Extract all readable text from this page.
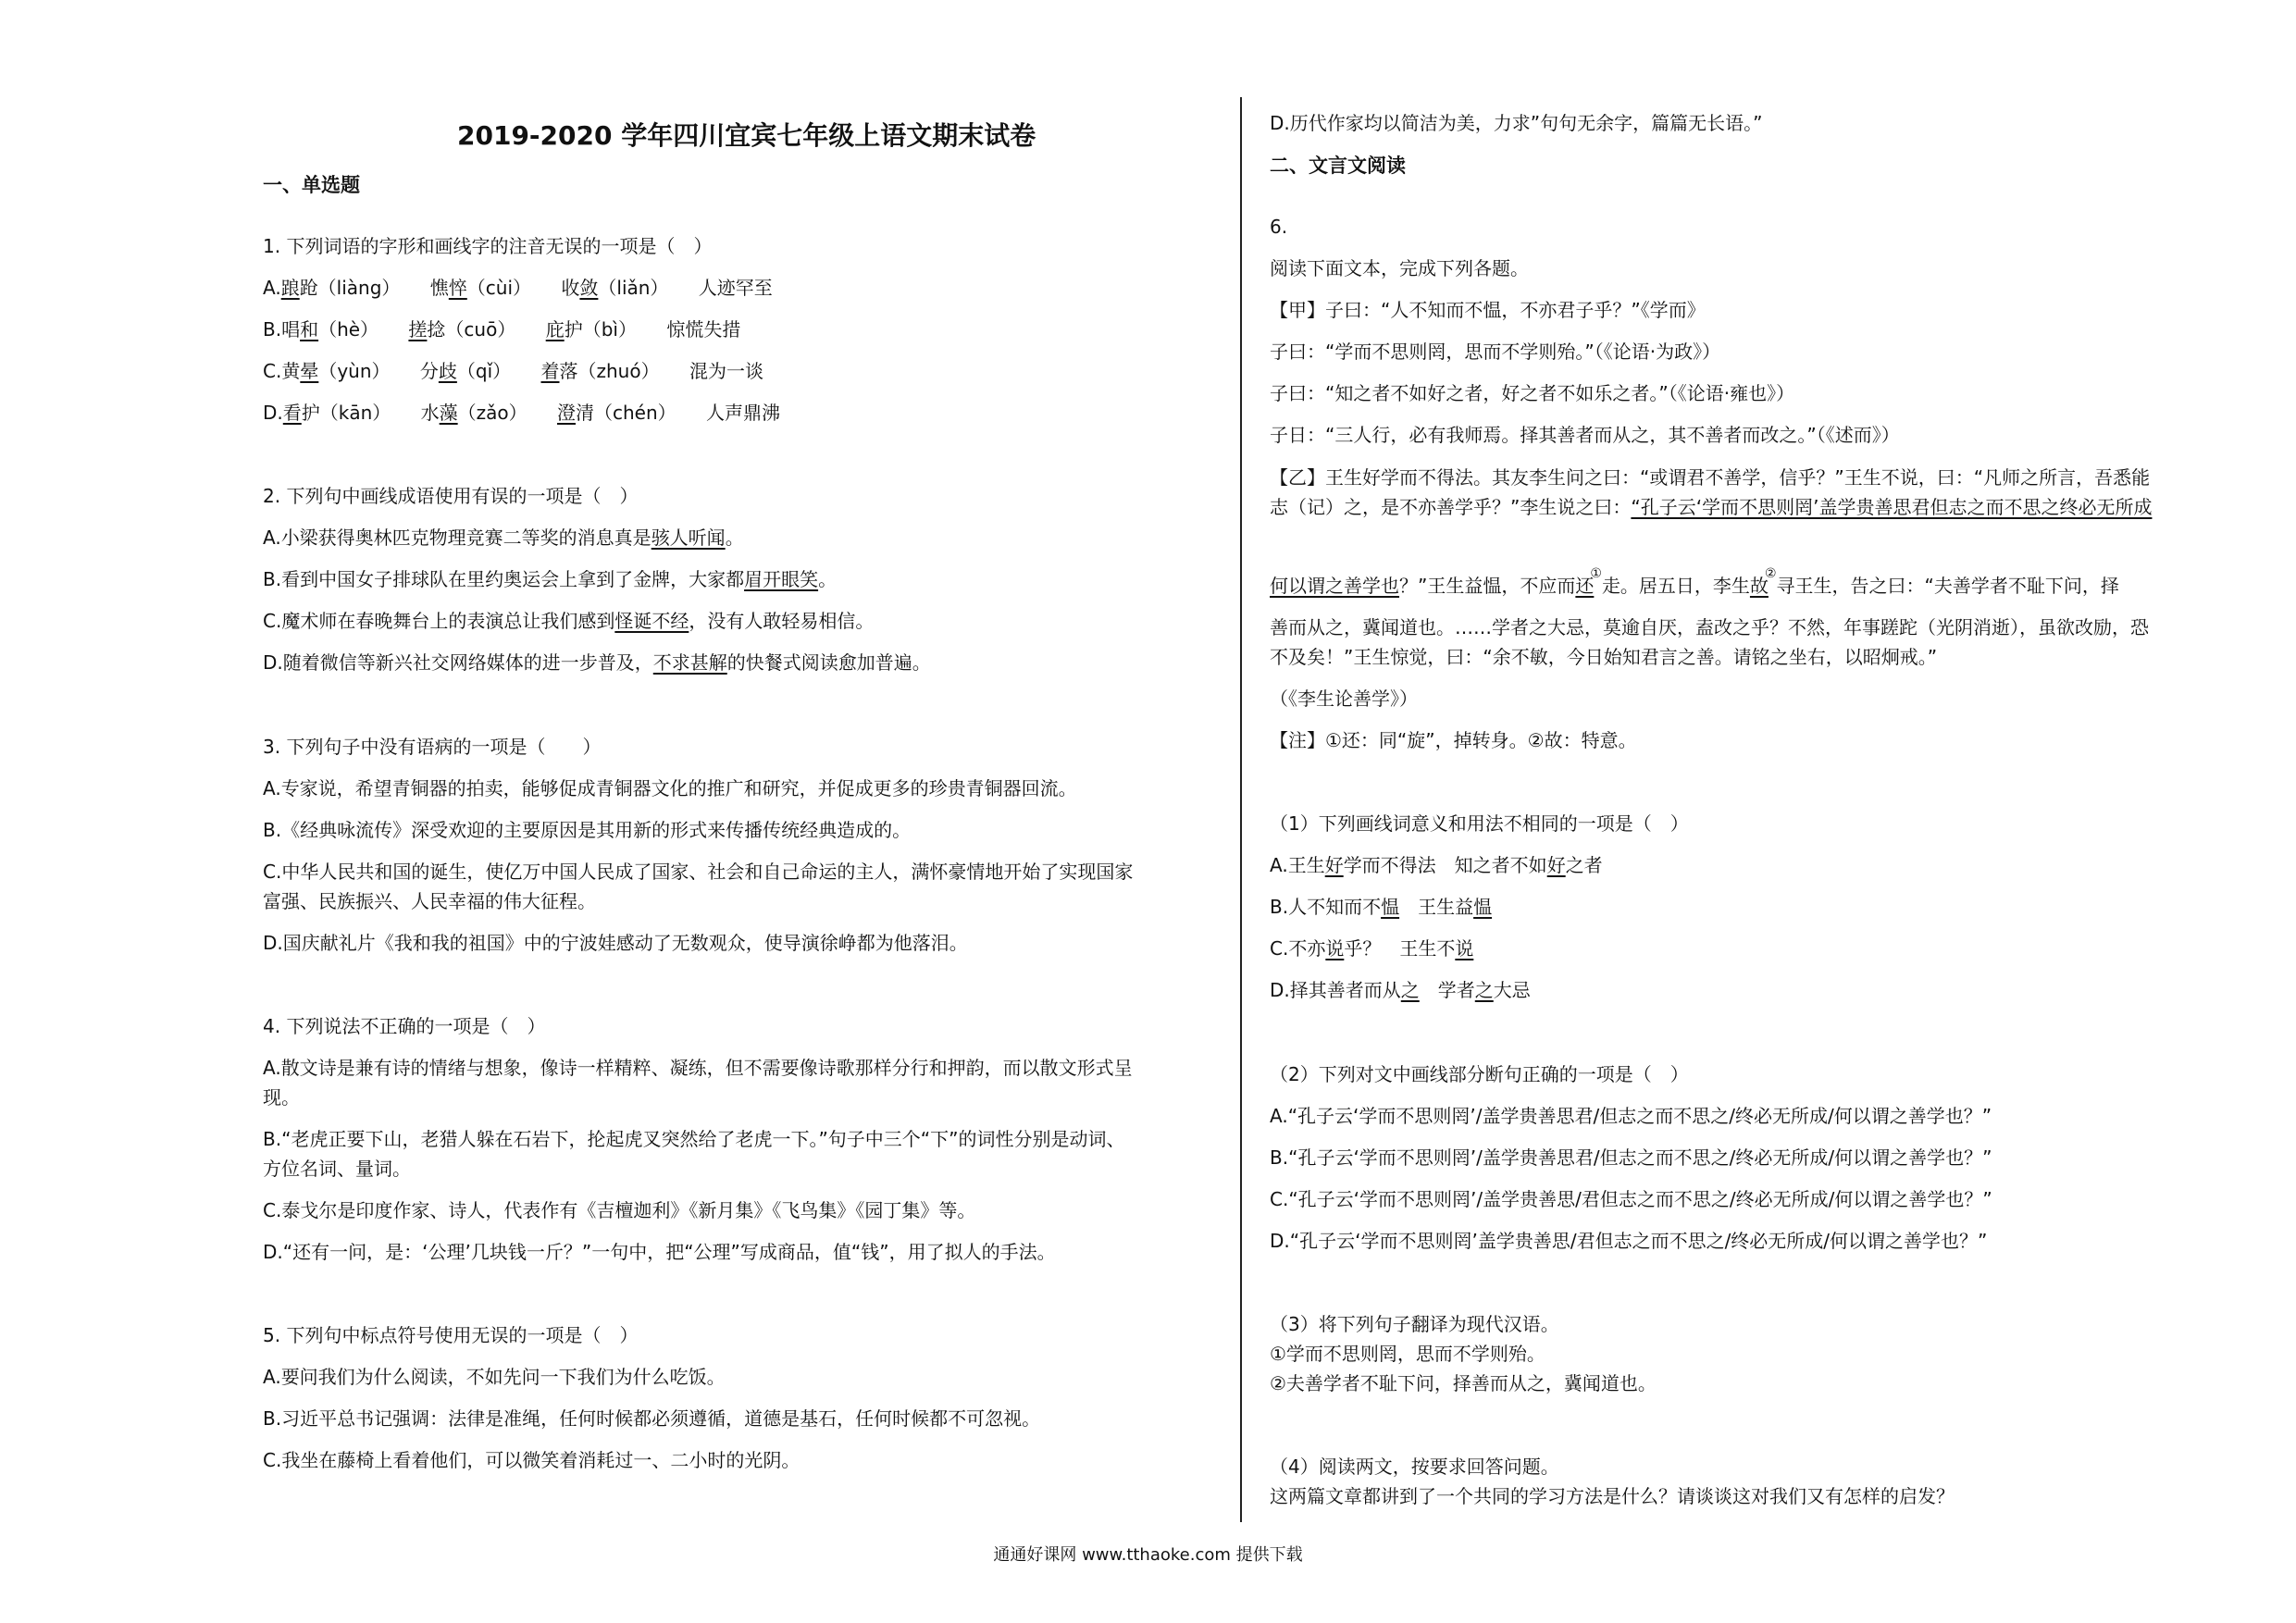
2019-2020 学年四川宜宾七年级上语文期末试卷
一、单选题
1. 下列词语的字形和画线字的注音无误的一项是（　）
A.踉跄（liàng） 憔悴（cùi） 收敛（liǎn） 人迹罕至
B.唱和（hè） 搓捻（cuō） 庇护（bì） 惊慌失措
C.黄晕（yùn） 分歧（qǐ） 着落（zhuó） 混为一谈
D.看护（kān） 水藻（zǎo） 澄清（chén） 人声鼎沸
2. 下列句中画线成语使用有误的一项是（　）
A.小梁获得奥林匹克物理竞赛二等奖的消息真是骇人听闻。
B.看到中国女子排球队在里约奥运会上拿到了金牌，大家都眉开眼笑。
C.魔术师在春晚舞台上的表演总让我们感到怪诞不经，没有人敢轻易相信。
D.随着微信等新兴社交网络媒体的进一步普及，不求甚解的快餐式阅读愈加普遍。
3. 下列句子中没有语病的一项是（　　）
A.专家说，希望青铜器的拍卖，能够促成青铜器文化的推广和研究，并促成更多的珍贵青铜器回流。
B.《经典咏流传》深受欢迎的主要原因是其用新的形式来传播传统经典造成的。
C.中华人民共和国的诞生，使亿万中国人民成了国家、社会和自己命运的主人，满怀豪情地开始了实现国家
富强、民族振兴、人民幸福的伟大征程。
D.国庆献礼片《我和我的祖国》中的宁波娃感动了无数观众，使导演徐峥都为他落泪。
4. 下列说法不正确的一项是（　）
A.散文诗是兼有诗的情绪与想象，像诗一样精粹、凝练，但不需要像诗歌那样分行和押韵，而以散文形式呈
现。
B.“老虎正要下山，老猎人躲在石岩下，抡起虎叉突然给了老虎一下。”句子中三个“下”的词性分别是动词、
方位名词、量词。
C.泰戈尔是印度作家、诗人，代表作有《吉檀迦利》《新月集》《飞鸟集》《园丁集》等。
D.“还有一问，是：‘公理’几块钱一斤？”一句中，把“公理”写成商品，值“钱”，用了拟人的手法。
5. 下列句中标点符号使用无误的一项是（　）
A.要问我们为什么阅读，不如先问一下我们为什么吃饭。
B.习近平总书记强调：法律是准绳，任何时候都必须遵循，道德是基石，任何时候都不可忽视。
C.我坐在藤椅上看着他们，可以微笑着消耗过一、二小时的光阴。
D.历代作家均以简洁为美，力求”句句无余字，篇篇无长语。”
二、文言文阅读
6.
阅读下面文本，完成下列各题。
【甲】子曰：“人不知而不愠，不亦君子乎？”《学而》
子曰：“学而不思则罔，思而不学则殆。”（《论语·为政》）
子曰：“知之者不如好之者，好之者不如乐之者。”（《论语·雍也》）
子日：“三人行，必有我师焉。择其善者而从之，其不善者而改之。”（《述而》）
【乙】王生好学而不得法。其友李生问之曰：“或谓君不善学，信乎？”王生不说，曰：“凡师之所言，吾悉能
志（记）之，是不亦善学乎？”李生说之曰：“孔子云‘学而不思则罔’盖学贵善思君但志之而不思之终必无所成
何以谓之善学也？”王生益愠，不应而还①走。居五日，李生故②寻王生，告之曰：“夫善学者不耻下问，择
善而从之，冀闻道也。……学者之大忌，莫逾自厌，盍改之乎？不然，年事蹉跎（光阴消逝），虽欲改励，恐
不及矣！”王生惊觉，曰：“余不敏，今日始知君言之善。请铭之坐右，以昭炯戒。”
（《李生论善学》）
【注】①还：同“旋”，掉转身。②故：特意。
（1）下列画线词意义和用法不相同的一项是（　）
A.王生好学而不得法　知之者不如好之者
B.人不知而不愠　王生益愠
C.不亦说乎？　王生不说
D.择其善者而从之　学者之大忌
（2）下列对文中画线部分断句正确的一项是（　）
A.“孔子云‘学而不思则罔’/盖学贵善思君/但志之而不思之/终必无所成/何以谓之善学也？”
B.“孔子云‘学而不思则罔’/盖学贵善思君/但志之而不思之/终必无所成/何以谓之善学也？”
C.“孔子云‘学而不思则罔’/盖学贵善思/君但志之而不思之/终必无所成/何以谓之善学也？”
D.“孔子云‘学而不思则罔’盖学贵善思/君但志之而不思之/终必无所成/何以谓之善学也？”
（3）将下列句子翻译为现代汉语。
①学而不思则罔，思而不学则殆。
②夫善学者不耻下问，择善而从之，冀闻道也。
（4）阅读两文，按要求回答问题。
这两篇文章都讲到了一个共同的学习方法是什么？请谈谈这对我们又有怎样的启发？
通通好课网 www.tthaoke.com 提供下载
